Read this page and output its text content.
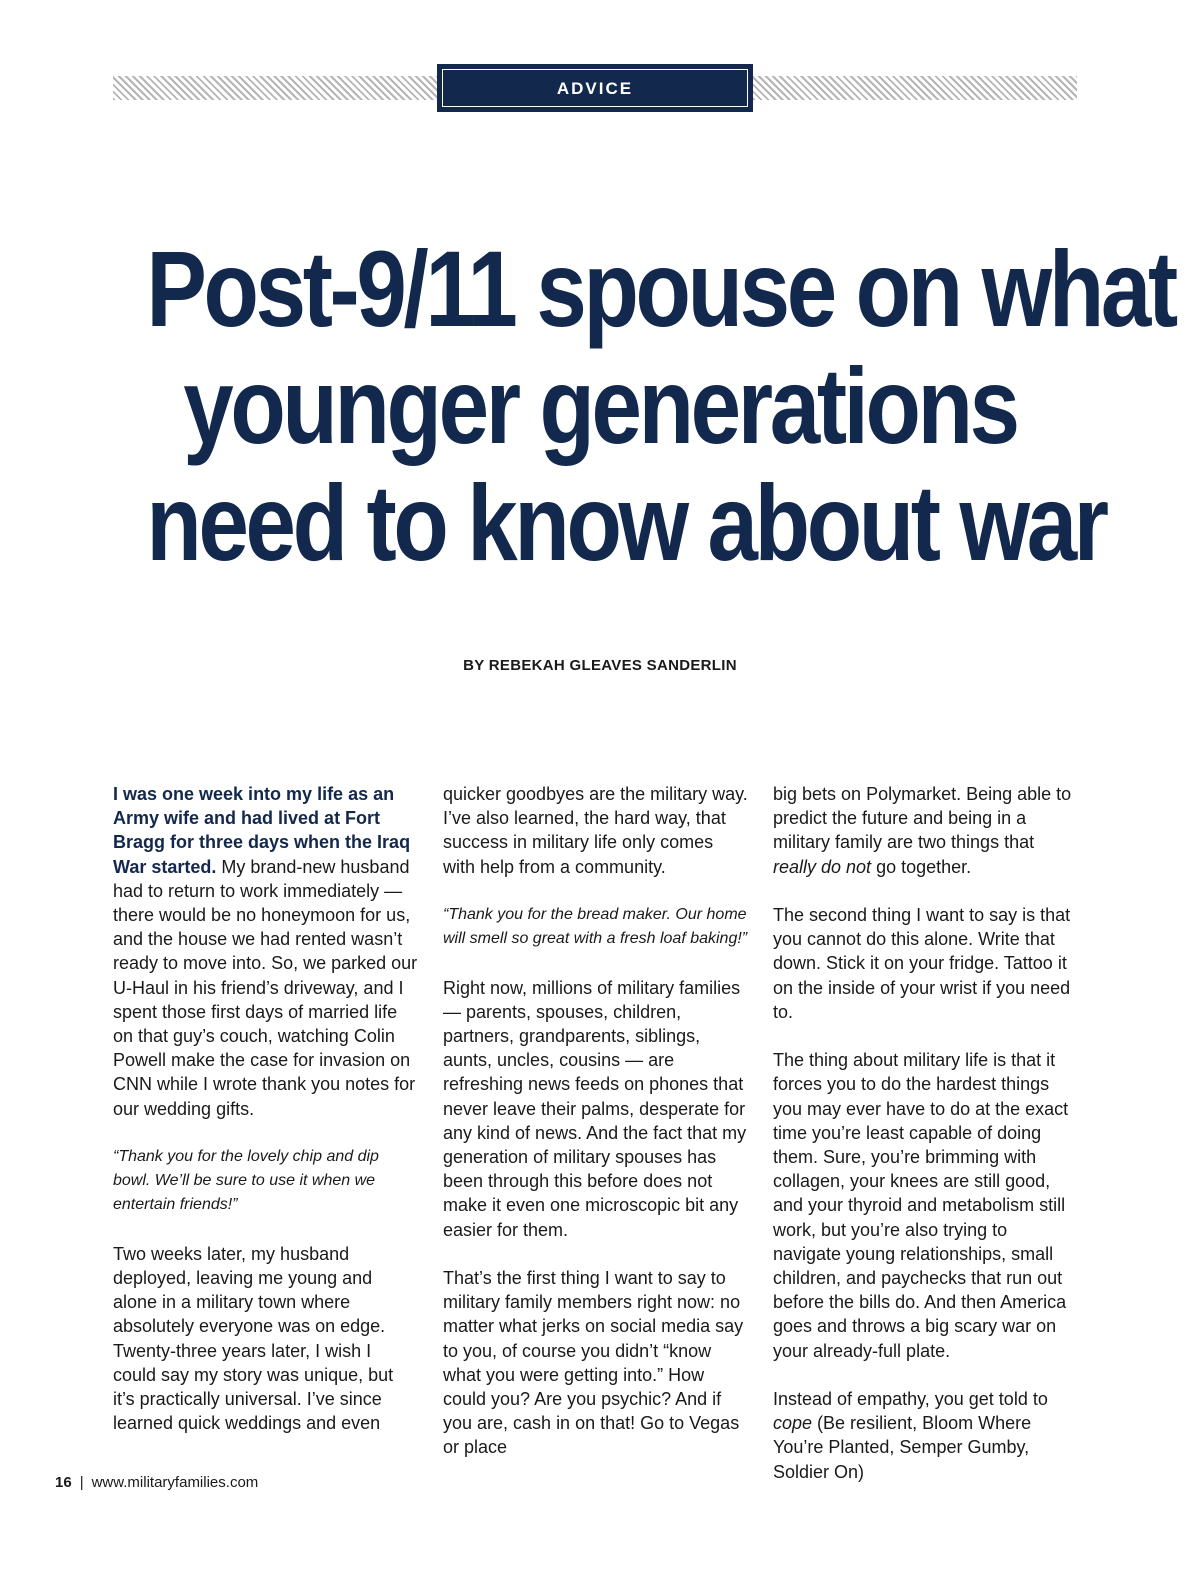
ADVICE
Post-9/11 spouse on what
younger generations
need to know about war
BY REBEKAH GLEAVES SANDERLIN

I was one week into my life as an Army wife and had lived at Fort Bragg for three days when the Iraq War started. My brand-new husband had to return to work immediately — there would be no honeymoon for us, and the house we had rented wasn’t ready to move into. So, we parked our U-Haul in his friend’s driveway, and I spent those first days of married life on that guy’s couch, watching Colin Powell make the case for invasion on CNN while I wrote thank you notes for our wedding gifts.

“Thank you for the lovely chip and dip bowl. We’ll be sure to use it when we entertain friends!”

Two weeks later, my husband deployed, leaving me young and alone in a military town where absolutely everyone was on edge. Twenty-three years later, I wish I could say my story was unique, but it’s practically universal. I’ve since learned quick weddings and even

quicker goodbyes are the military way. I’ve also learned, the hard way, that success in military life only comes with help from a community.

“Thank you for the bread maker. Our home will smell so great with a fresh loaf baking!”

Right now, millions of military families — parents, spouses, children, partners, grandparents, siblings, aunts, uncles, cousins — are refreshing news feeds on phones that never leave their palms, desperate for any kind of news. And the fact that my generation of military spouses has been through this before does not make it even one microscopic bit any easier for them.

That’s the first thing I want to say to military family members right now: no matter what jerks on social media say to you, of course you didn’t “know what you were getting into.” How could you? Are you psychic? And if you are, cash in on that! Go to Vegas or place

big bets on Polymarket. Being able to predict the future and being in a military family are two things that really do not go together.

The second thing I want to say is that you cannot do this alone. Write that down. Stick it on your fridge. Tattoo it on the inside of your wrist if you need to.

The thing about military life is that it forces you to do the hardest things you may ever have to do at the exact time you’re least capable of doing them. Sure, you’re brimming with collagen, your knees are still good, and your thyroid and metabolism still work, but you’re also trying to navigate young relationships, small children, and paychecks that run out before the bills do. And then America goes and throws a big scary war on your already-full plate.

Instead of empathy, you get told to cope (Be resilient, Bloom Where You’re Planted, Semper Gumby, Soldier On)

16 | www.militaryfamilies.com
